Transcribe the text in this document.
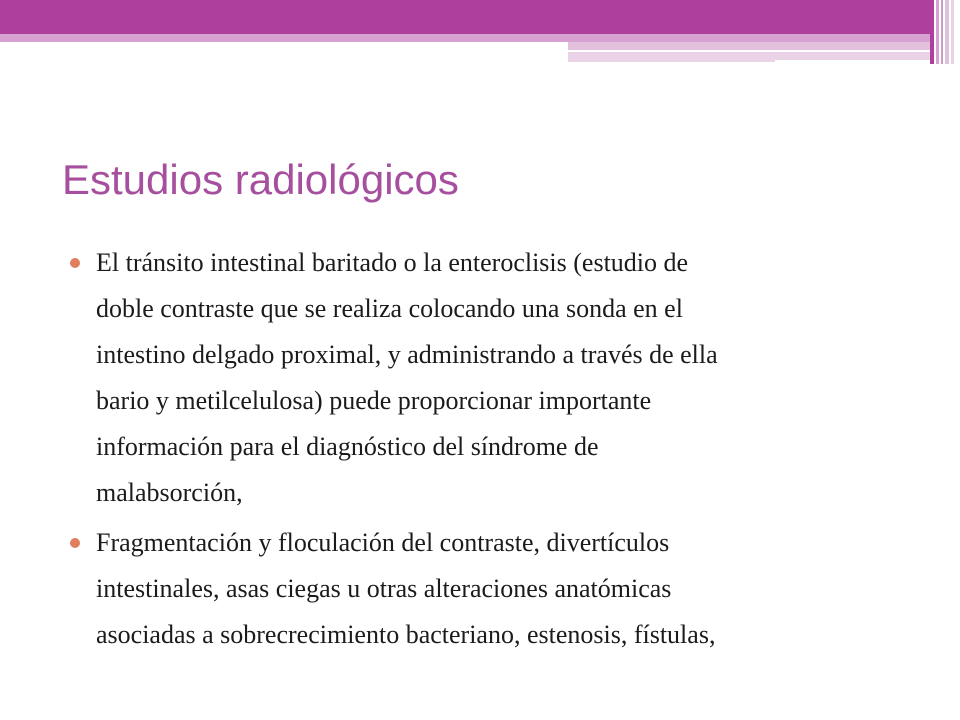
Estudios radiológicos
El tránsito intestinal baritado o la enteroclisis (estudio de
doble contraste que se realiza colocando una sonda en el
intestino delgado proximal, y administrando a través de ella
bario y metilcelulosa) puede proporcionar importante
información para el diagnóstico del síndrome de
malabsorción,
Fragmentación y floculación del contraste, divertículos
intestinales, asas ciegas u otras alteraciones anatómicas
asociadas a sobrecrecimiento bacteriano, estenosis, fístulas,
